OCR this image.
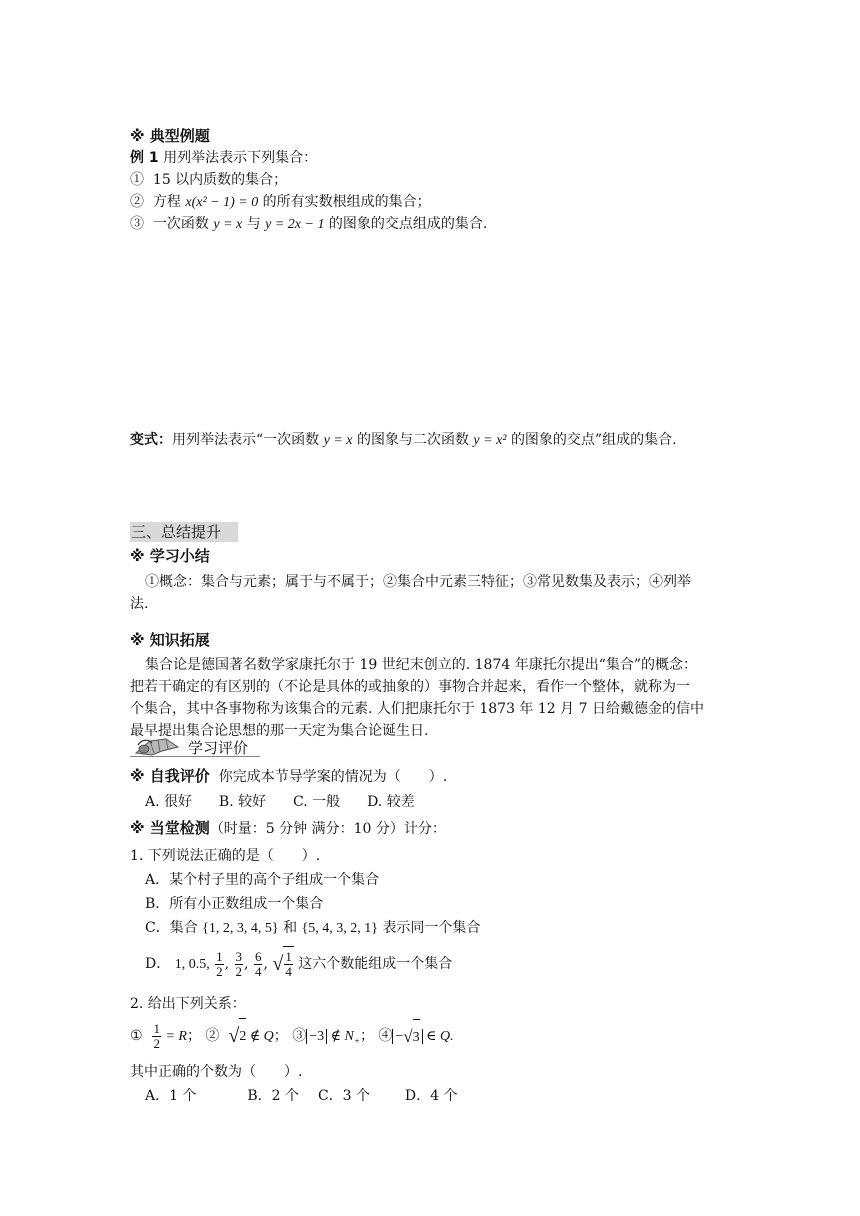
※ 典型例题
例 1 用列举法表示下列集合：
① 15 以内质数的集合；
② 方程 x(x² − 1) = 0 的所有实数根组成的集合；
③ 一次函数 y = x 与 y = 2x − 1 的图象的交点组成的集合.
变式：用列举法表示“一次函数 y = x 的图象与二次函数 y = x² 的图象的交点”组成的集合.
三、总结提升
※ 学习小结
①概念：集合与元素；属于与不属于；②集合中元素三特征；③常见数集及表示；④列举
法.
※ 知识拓展
集合论是德国著名数学家康托尔于 19 世纪末创立的. 1874 年康托尔提出“集合”的概念：
把若干确定的有区别的（不论是具体的或抽象的）事物合并起来，看作一个整体，就称为一
个集合，其中各事物称为该集合的元素. 人们把康托尔于 1873 年 12 月 7 日给戴德金的信中
最早提出集合论思想的那一天定为集合论诞生日.
学习评价
※ 自我评价 你完成本节导学案的情况为（　　）.
A. 很好 B. 较好 C. 一般 D. 较差
※ 当堂检测（时量：5 分钟 满分：10 分）计分：
1. 下列说法正确的是（　　）.
A．某个村子里的高个子组成一个集合
B．所有小正数组成一个集合
C．集合 {1, 2, 3, 4, 5} 和 {5, 4, 3, 2, 1} 表示同一个集合
D． 1, 0.5, $\frac{1}{2}$ , $\frac{3}{2}$ , $\frac{6}{4}$ , √ $\frac{1}{4}$ 这六个数能组成一个集合
2. 给出下列关系：
① $\frac{1}{2} = R$； ② √2 ∉ Q； ③ −3 ∉ $N_+$； ④ −√3 ∈ Q.
其中正确的个数为（　　）.
A．1 个	B．2 个 C．3 个 D．4 个
